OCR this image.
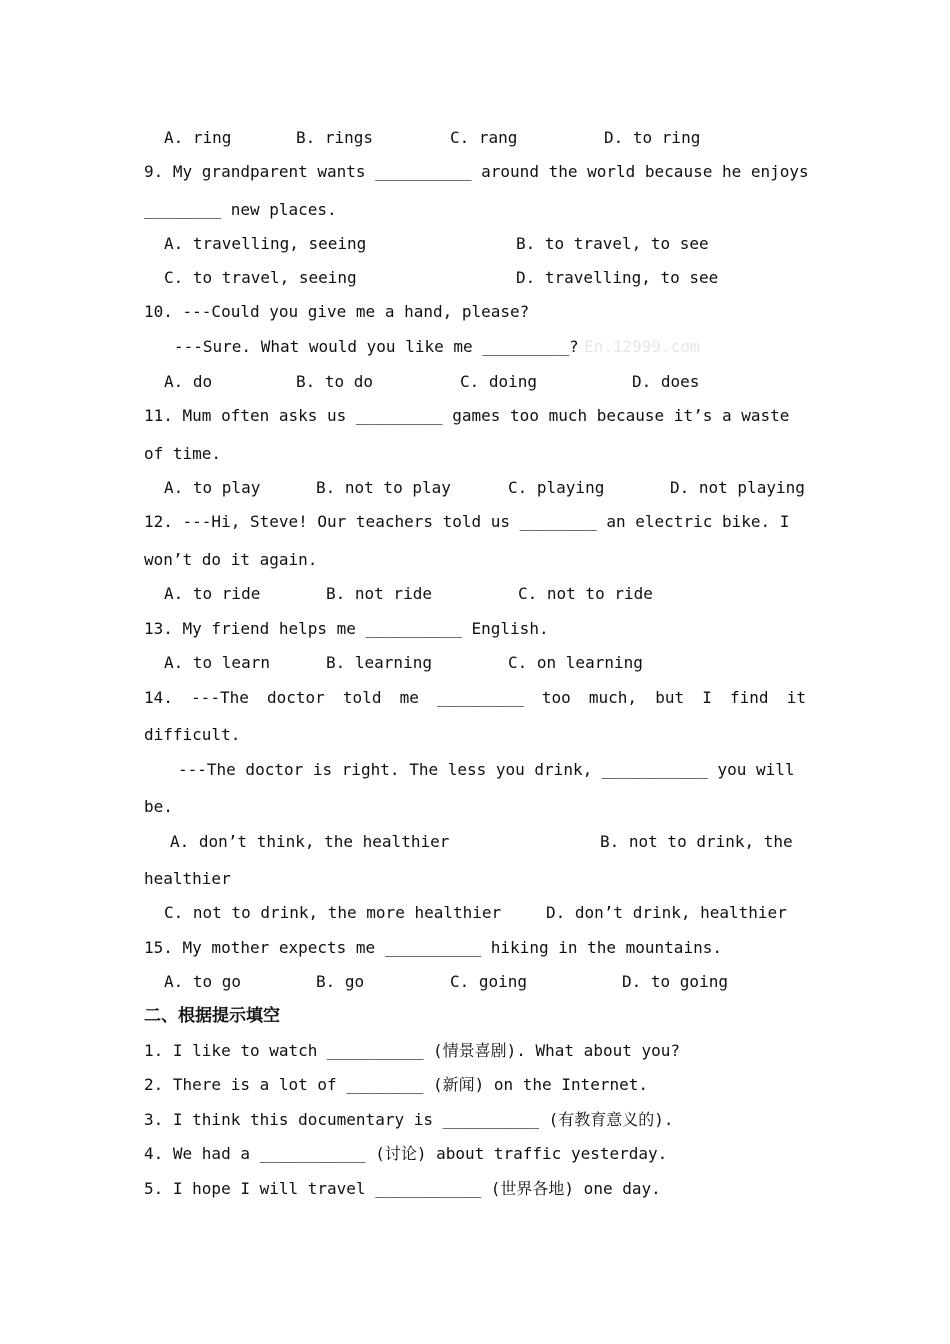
A. ring	B. rings	C. rang	D. to ring
9. My grandparent wants __________ around the world because he enjoys
________ new places.
A. travelling, seeing	B. to travel, to see
C. to travel, seeing	D. travelling, to see
10. ---Could you give me a hand, please?
---Sure. What would you like me _________? En.12999.com
A. do	B. to do	C. doing	D. does
11. Mum often asks us _________ games too much because it’s a waste
of time.
A. to play	B. not to play	C. playing	D. not playing
12. ---Hi, Steve! Our teachers told us ________ an electric bike. I
won’t do it again.
A. to ride	B. not ride	C. not to ride
13. My friend helps me __________ English.
A. to learn	B. learning	C. on learning
14. ---The doctor told me _________ too much, but I find it
difficult.
---The doctor is right. The less you drink, ___________ you will
be.
A. don’t think, the healthier	B. not to drink, the
healthier
C. not to drink, the more healthier	D. don’t drink, healthier
15. My mother expects me __________ hiking in the mountains.
A. to go	B. go	C. going	D. to going
二、根据提示填空
1. I like to watch __________ (情景喜剧). What about you?
2. There is a lot of ________ (新闻) on the Internet.
3. I think this documentary is __________ (有教育意义的).
4. We had a ___________ (讨论) about traffic yesterday.
5. I hope I will travel ___________ (世界各地) one day.
